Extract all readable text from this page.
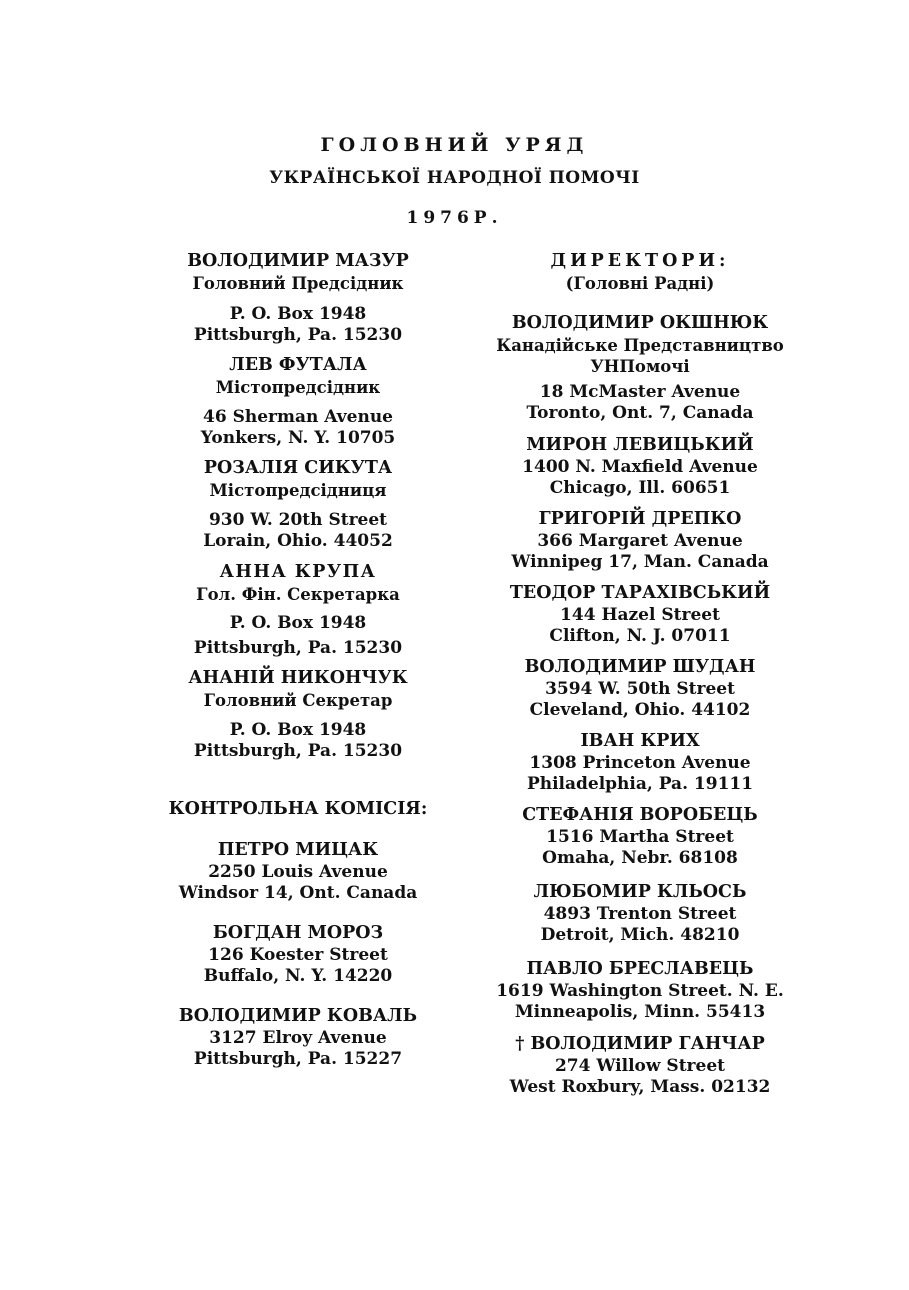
ГОЛОВНИЙ УРЯД
УКРАЇНСЬКОЇ НАРОДНОЇ ПОМОЧІ
1976Р.
ВОЛОДИМИР МАЗУР
Головний Предсідник
P. O. Box 1948
Pittsburgh, Pa. 15230
ЛЕВ ФУТАЛА
Містопредсідник
46 Sherman Avenue
Yonkers, N. Y. 10705
РОЗАЛІЯ СИКУТА
Містопредсідниця
930 W. 20th Street
Lorain, Ohio. 44052
АННА КРУПА
Гол. Фін. Секретарка
P. O. Box 1948
Pittsburgh, Pa. 15230
АНАНІЙ НИКОНЧУК
Головний Секретар
P. O. Box 1948
Pittsburgh, Pa. 15230
КОНТРОЛЬНА КОМІСІЯ:
ПЕТРО МИЦАК
2250 Louis Avenue
Windsor 14, Ont. Canada
БОГДАН МОРОЗ
126 Koester Street
Buffalo, N. Y. 14220
ВОЛОДИМИР КОВАЛЬ
3127 Elroy Avenue
Pittsburgh, Pa. 15227
ДИРЕКТОРИ:
(Головні Радні)
ВОЛОДИМИР ОКШНЮК
Канадійське Представництво
УНПомочі
18 McMaster Avenue
Toronto, Ont. 7, Canada
МИРОН ЛЕВИЦЬКИЙ
1400 N. Maxfield Avenue
Chicago, Ill. 60651
ГРИГОРІЙ ДРЕПКО
366 Margaret Avenue
Winnipeg 17, Man. Canada
ТЕОДОР ТАРАХІВСЬКИЙ
144 Hazel Street
Clifton, N. J. 07011
ВОЛОДИМИР ШУДАН
3594 W. 50th Street
Cleveland, Ohio. 44102
ІВАН КРИХ
1308 Princeton Avenue
Philadelphia, Pa. 19111
СТЕФАНІЯ ВОРОБЕЦЬ
1516 Martha Street
Omaha, Nebr. 68108
ЛЮБОМИР КЛЬОСЬ
4893 Trenton Street
Detroit, Mich. 48210
ПАВЛО БРЕСЛАВЕЦЬ
1619 Washington Street. N. E.
Minneapolis, Minn. 55413
† ВОЛОДИМИР ГАНЧАР
274 Willow Street
West Roxbury, Mass. 02132
